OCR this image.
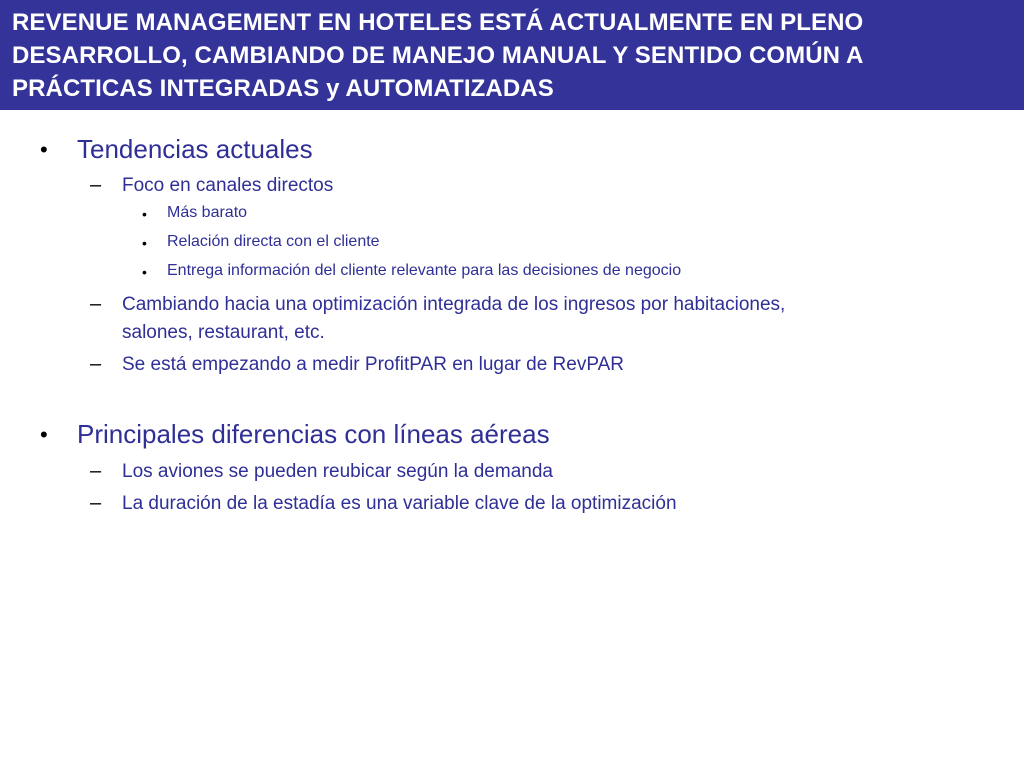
REVENUE MANAGEMENT EN HOTELES ESTÁ ACTUALMENTE EN PLENO
DESARROLLO, CAMBIANDO DE MANEJO MANUAL Y SENTIDO COMÚN A
PRÁCTICAS INTEGRADAS y AUTOMATIZADAS
• Tendencias actuales
– Foco en canales directos
• Más barato
• Relación directa con el cliente
• Entrega información del cliente relevante para las decisiones de negocio
– Cambiando hacia una optimización integrada de los ingresos por habitaciones,
salones, restaurant, etc.
– Se está empezando a medir ProfitPAR en lugar de RevPAR
• Principales diferencias con líneas aéreas
– Los aviones se pueden reubicar según la demanda
– La duración de la estadía es una variable clave de la optimización
